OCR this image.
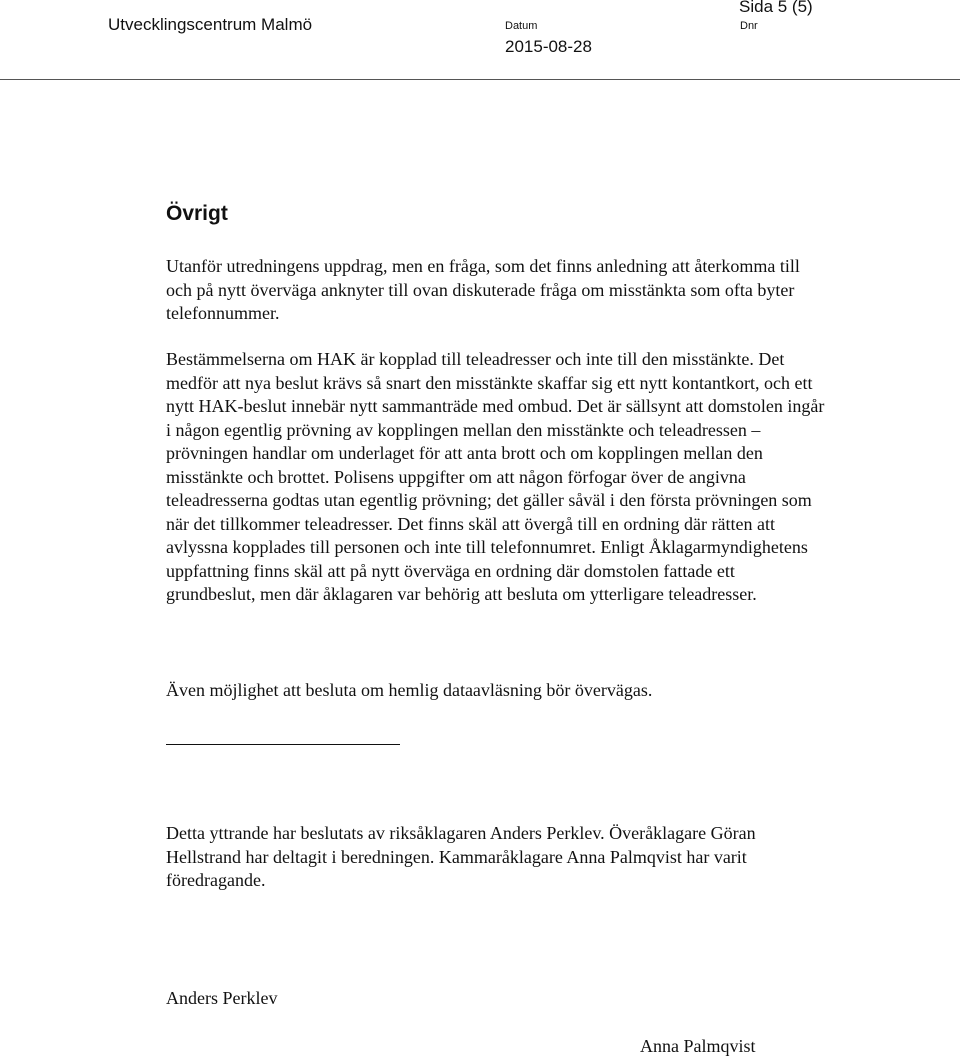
Utvecklingscentrum Malmö
Sida 5 (5)
Datum
2015-08-28
Dnr
Övrigt

Utanför utredningens uppdrag, men en fråga, som det finns anledning att återkomma till och på nytt överväga anknyter till ovan diskuterade fråga om misstänkta som ofta byter telefonnummer.

Bestämmelserna om HAK är kopplad till teleadresser och inte till den misstänkte. Det medför att nya beslut krävs så snart den misstänkte skaffar sig ett nytt kontantkort, och ett nytt HAK-beslut innebär nytt sammanträde med ombud. Det är sällsynt att domstolen ingår i någon egentlig prövning av kopplingen mellan den misstänkte och teleadressen – prövningen handlar om underlaget för att anta brott och om kopplingen mellan den misstänkte och brottet. Polisens uppgifter om att någon förfogar över de angivna teleadresserna godtas utan egentlig prövning; det gäller såväl i den första prövningen som när det tillkommer teleadresser. Det finns skäl att övergå till en ordning där rätten att avlyssna kopplades till personen och inte till telefonnumret. Enligt Åklagarmyndighetens uppfattning finns skäl att på nytt överväga en ordning där domstolen fattade ett grundbeslut, men där åklagaren var behörig att besluta om ytterligare teleadresser.

Även möjlighet att besluta om hemlig dataavläsning bör övervägas.

Detta yttrande har beslutats av riksåklagaren Anders Perklev. Överåklagare Göran Hellstrand har deltagit i beredningen. Kammaråklagare Anna Palmqvist har varit föredragande.

Anders Perklev
Anna Palmqvist
